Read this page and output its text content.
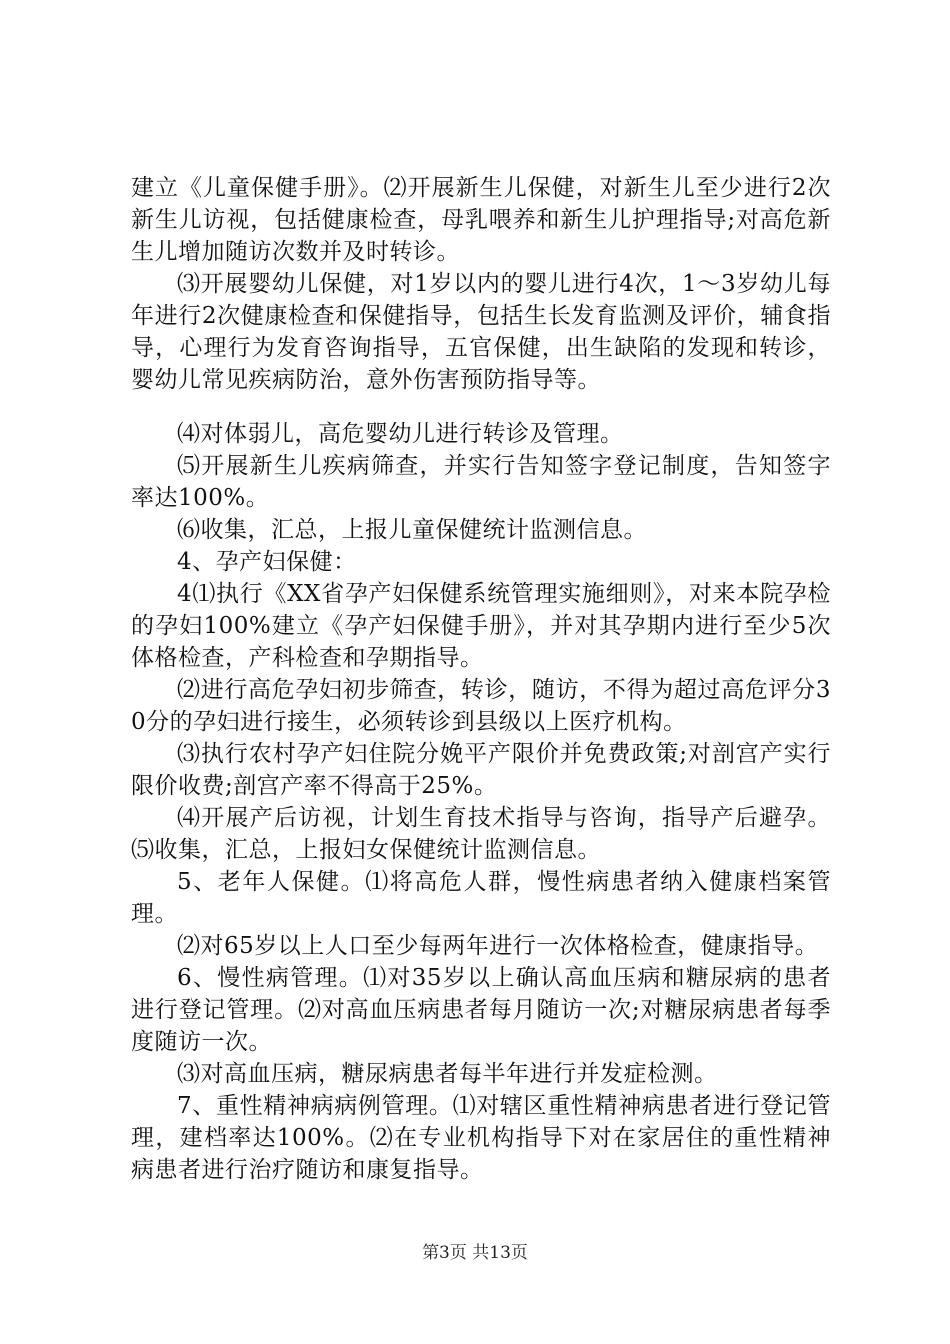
建立《儿童保健手册》。⑵开展新生儿保健，对新生儿至少进行2次新生儿访视，包括健康检查，母乳喂养和新生儿护理指导;对高危新生儿增加随访次数并及时转诊。

⑶开展婴幼儿保健，对1岁以内的婴儿进行4次，1～3岁幼儿每年进行2次健康检查和保健指导，包括生长发育监测及评价，辅食指导，心理行为发育咨询指导，五官保健，出生缺陷的发现和转诊，婴幼儿常见疾病防治，意外伤害预防指导等。

⑷对体弱儿，高危婴幼儿进行转诊及管理。

⑸开展新生儿疾病筛查，并实行告知签字登记制度，告知签字率达100%。

⑹收集，汇总，上报儿童保健统计监测信息。

4、孕产妇保健：

4⑴执行《XX省孕产妇保健系统管理实施细则》，对来本院孕检的孕妇100%建立《孕产妇保健手册》，并对其孕期内进行至少5次体格检查，产科检查和孕期指导。

⑵进行高危孕妇初步筛查，转诊，随访，不得为超过高危评分30分的孕妇进行接生，必须转诊到县级以上医疗机构。

⑶执行农村孕产妇住院分娩平产限价并免费政策;对剖宫产实行限价收费;剖宫产率不得高于25%。

⑷开展产后访视，计划生育技术指导与咨询，指导产后避孕。⑸收集，汇总，上报妇女保健统计监测信息。

5、老年人保健。⑴将高危人群，慢性病患者纳入健康档案管理。

⑵对65岁以上人口至少每两年进行一次体格检查，健康指导。

6、慢性病管理。⑴对35岁以上确认高血压病和糖尿病的患者进行登记管理。⑵对高血压病患者每月随访一次;对糖尿病患者每季度随访一次。

⑶对高血压病，糖尿病患者每半年进行并发症检测。

7、重性精神病病例管理。⑴对辖区重性精神病患者进行登记管理，建档率达100%。⑵在专业机构指导下对在家居住的重性精神病患者进行治疗随访和康复指导。

第3页 共13页
